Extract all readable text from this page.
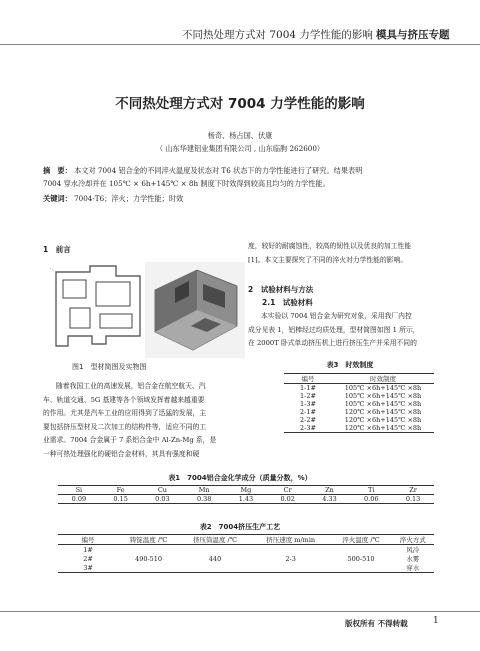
不同热处理方式对 7004 力学性能的影响 模具与挤压专题
不同热处理方式对 7004 力学性能的影响
杨奇、杨占国、伏康
（ 山东华建铝业集团有限公司 , 山东临朐 262600）
摘　要： 本文对 7004 铝合金的不同淬火温度及状态对 T6 状态下的力学性能进行了研究。结果表明
7004 穿水冷却并在 105℃ × 6h+145℃ × 8h 制度下时效得到较高且均匀的力学性能。
关键词： 7004-T6；淬火；力学性能；时效
1　前言
图1　型材简图及实物图
随着我国工业的高速发展，铝合金在航空航天、汽
车、轨道交通、5G 基建等各个领域发挥着越来越重要
的作用。尤其是汽车工业的应用得到了迅猛的发展，主
要包括挤压型材及二次加工的结构件等，适应不同的工
业需求。7004 合金属于 7 系铝合金中 Al-Zn-Mg 系，是
一种可热处理强化的硬铝合金材料，其具有强度和硬
度，较好的耐腐蚀性，较高的韧性以及优良的加工性能
[1]。本文主要探究了不同的淬火对力学性能的影响。
2　试验材料与方法
2.1　试验材料
本实验以 7004 铝合金为研究对象，采用我厂内控
成分见表 1，铝棒经过均质处理，型材简图如图 1 所示，
在 2000T 卧式单动挤压机上进行挤压生产并采用不同的
表3　时效制度
编号	时效制度
1-1#	105℃ ×6h+145℃ ×8h
1-2#	105℃ ×6h+145℃ ×8h
1-3#	105℃ ×6h+145℃ ×8h
2-1#	120℃ ×6h+145℃ ×8h
2-2#	120℃ ×6h+145℃ ×8h
2-3#	120℃ ×6h+145℃ ×8h
表1　7004铝合金化学成分（质量分数，%）
Si	Fe	Cu	Mn	Mg	Cr	Zn	Ti	Zr
0.09	0.15	0.03	0.38	1.43	0.02	4.33	0.06	0.13
表2　7004挤压生产工艺
编号	铸锭温度 /℃	挤压筒温度 /℃	挤压速度 m/min	淬火温度 /℃	淬火方式
1#	490-510	440	2-3	500-510	风冷
2#					水雾
3#					穿水
版权所有 不得转载	1
